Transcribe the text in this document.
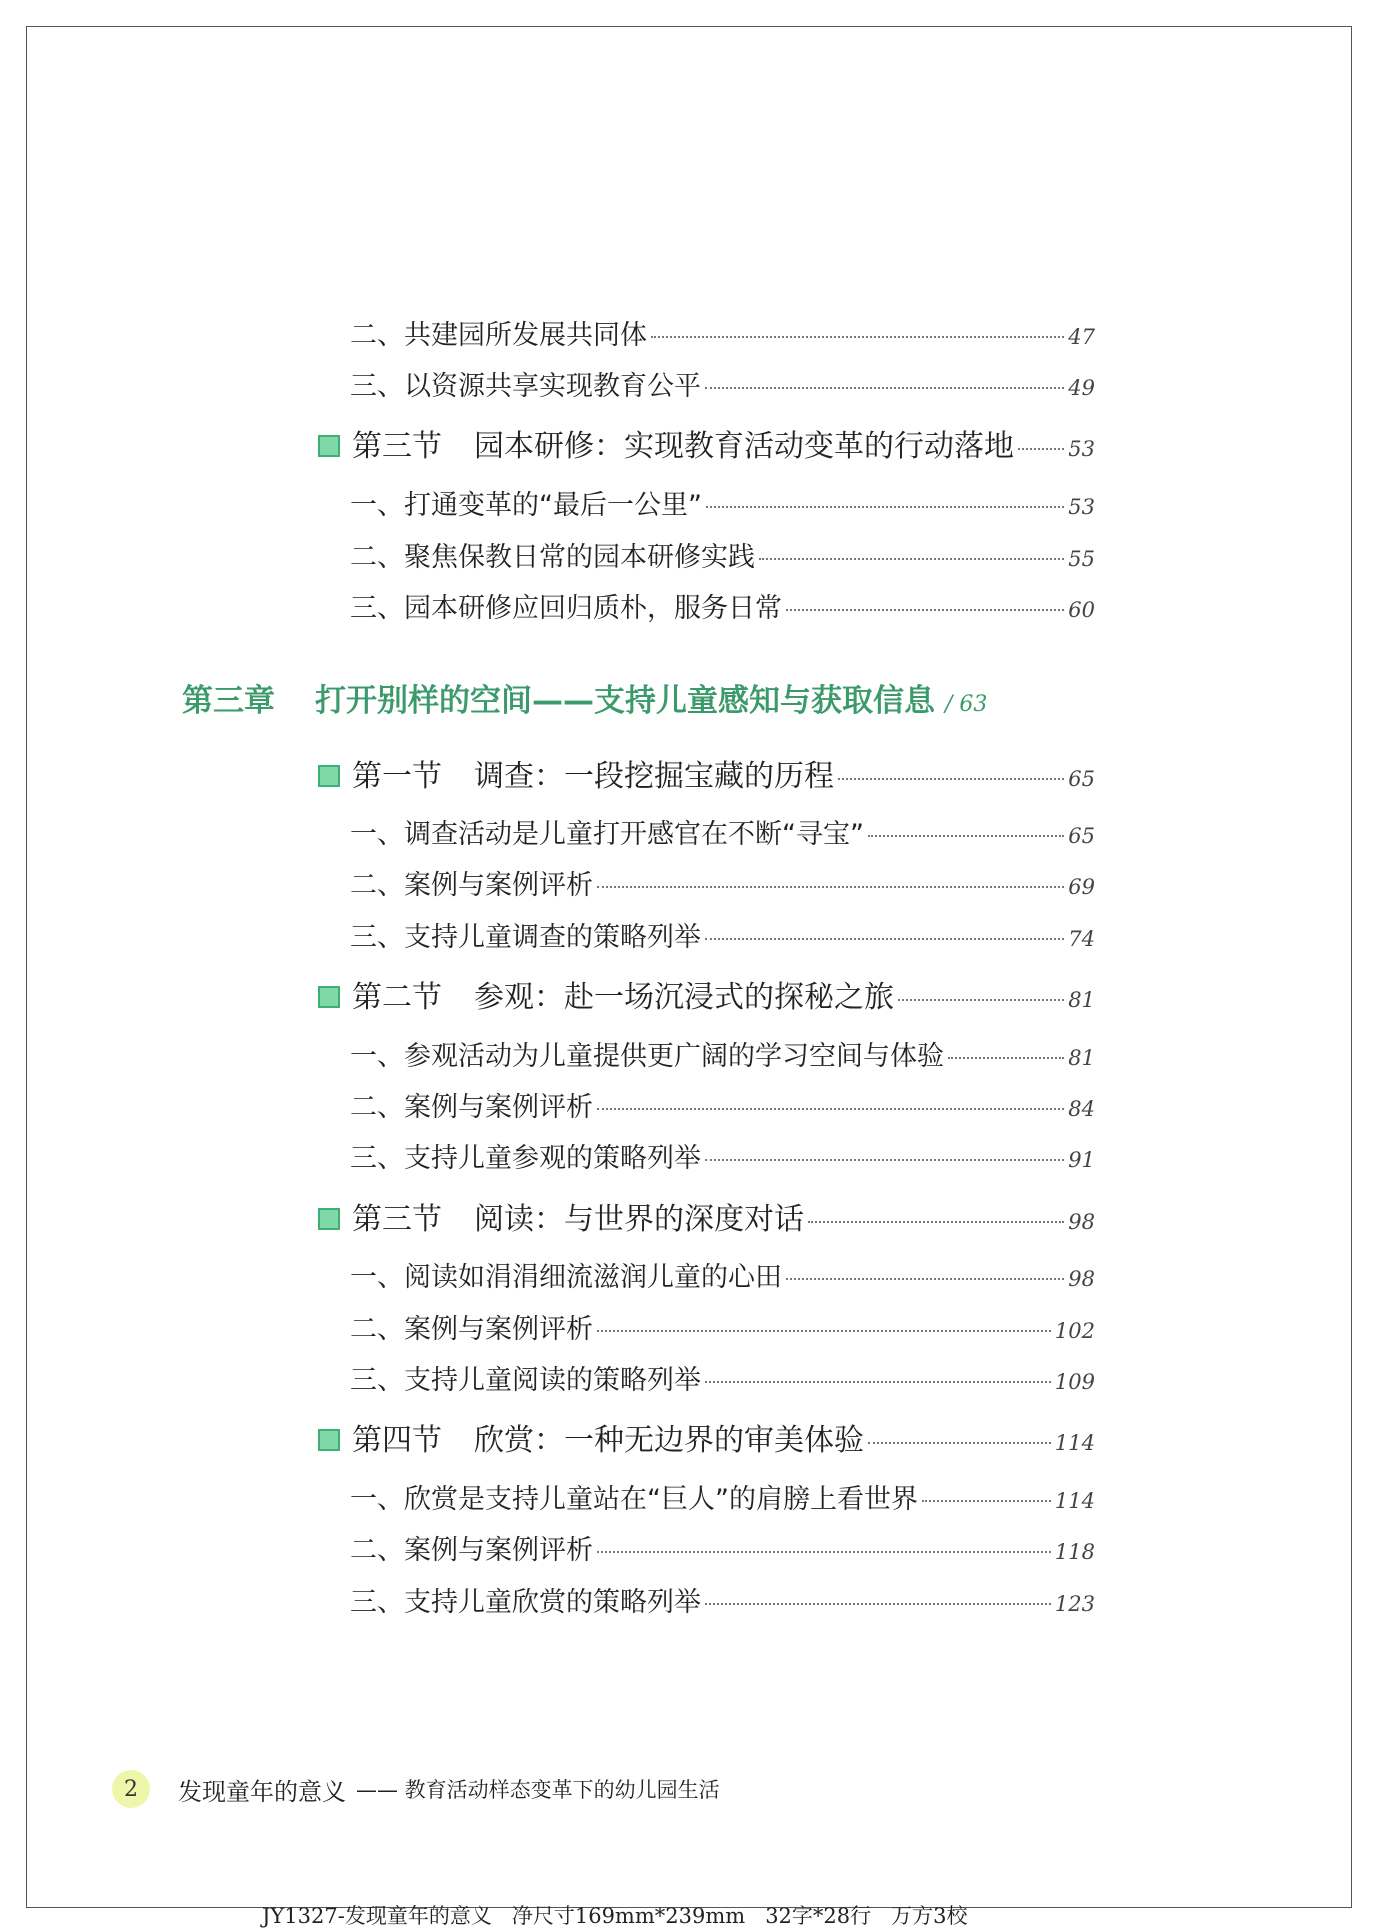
二、共建园所发展共同体	47
三、以资源共享实现教育公平	49
第三节 园本研修：实现教育活动变革的行动落地	53
一、打通变革的“最后一公里”	53
二、聚焦保教日常的园本研修实践	55
三、园本研修应回归质朴，服务日常	60
第三章 打开别样的空间——支持儿童感知与获取信息 / 63
第一节 调查：一段挖掘宝藏的历程	65
一、调查活动是儿童打开感官在不断“寻宝”	65
二、案例与案例评析	69
三、支持儿童调查的策略列举	74
第二节 参观：赴一场沉浸式的探秘之旅	81
一、参观活动为儿童提供更广阔的学习空间与体验	81
二、案例与案例评析	84
三、支持儿童参观的策略列举	91
第三节 阅读：与世界的深度对话	98
一、阅读如涓涓细流滋润儿童的心田	98
二、案例与案例评析	102
三、支持儿童阅读的策略列举	109
第四节 欣赏：一种无边界的审美体验	114
一、欣赏是支持儿童站在“巨人”的肩膀上看世界	114
二、案例与案例评析	118
三、支持儿童欣赏的策略列举	123
2	发现童年的意义 —— 教育活动样态变革下的幼儿园生活
JY1327-发现童年的意义   净尺寸169mm*239mm   32字*28行   万方3校
